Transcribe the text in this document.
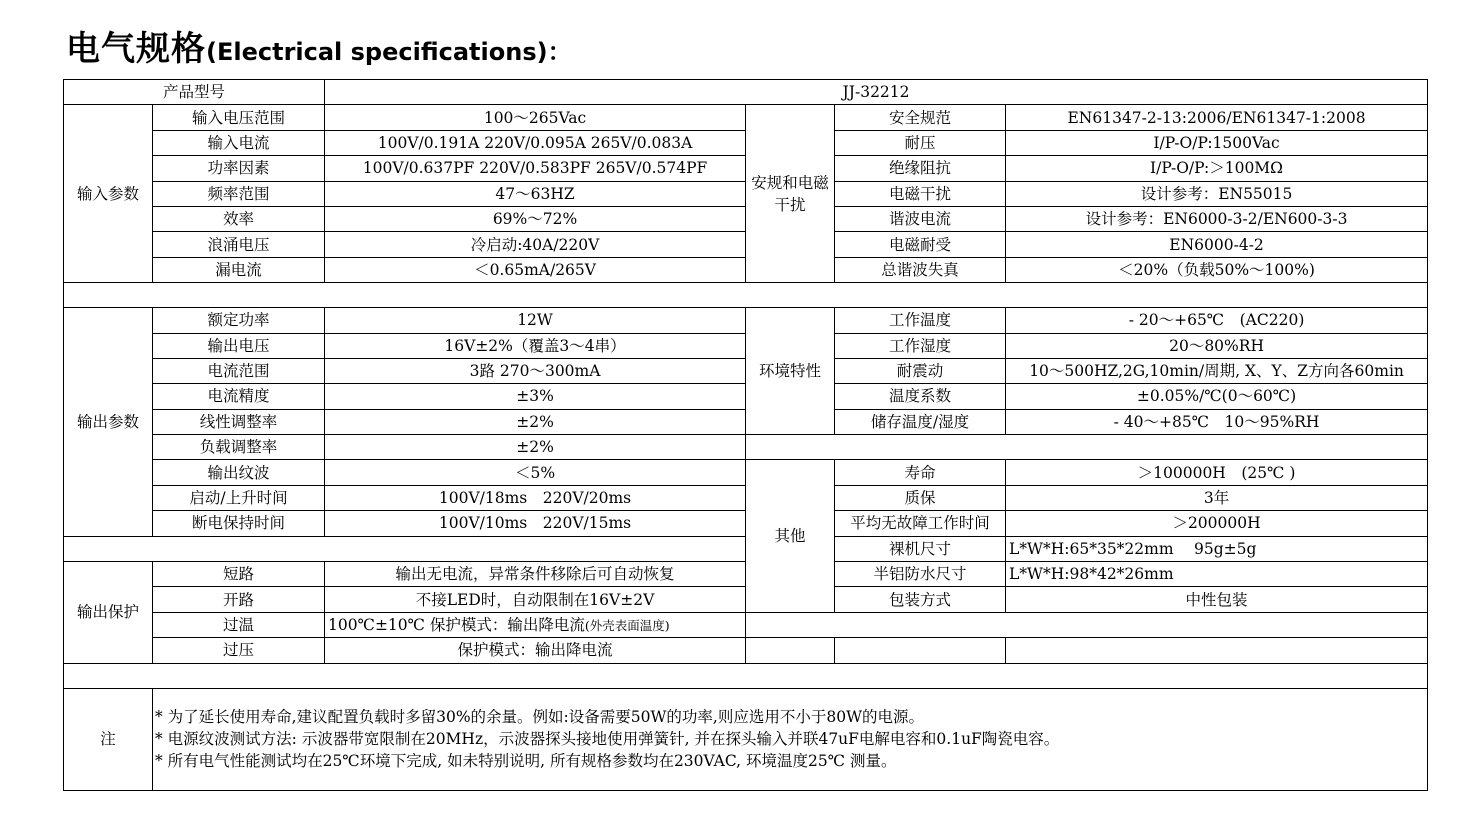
电气规格(Electrical specifications)：
产品型号		JJ-32212			
输入参数	输入电压范围	100～265Vac	安规和电磁干扰	安全规范	EN61347-2-13:2006/EN61347-1:2008
	输入电流	100V/0.191A 220V/0.095A 265V/0.083A		耐压	I/P-O/P:1500Vac
	功率因素	100V/0.637PF 220V/0.583PF 265V/0.574PF		绝缘阻抗	I/P-O/P:＞100MΩ
	频率范围	47～63HZ		电磁干扰	设计参考：EN55015
	效率	69%～72%		谐波电流	设计参考：EN6000-3-2/EN600-3-3
	浪涌电压	冷启动:40A/220V		电磁耐受	EN6000-4-2
	漏电流	＜0.65mA/265V		总谐波失真	＜20%（负载50%～100%)

输出参数	额定功率	12W	环境特性	工作温度	- 20～+65℃　(AC220)
	输出电压	16V±2%（覆盖3～4串）		工作湿度	20～80%RH
	电流范围	3路 270～300mA		耐震动	10～500HZ,2G,10min/周期, X、Y、Z方向各60min
	电流精度	±3%		温度系数	±0.05%/℃(0～60℃)
	线性调整率	±2%		储存温度/湿度	- 40～+85℃　10～95%RH
	负载调整率	±2%			
	输出纹波	＜5%	其他	寿命	＞100000H　(25℃ )
	启动/上升时间	100V/18ms　220V/20ms		质保	3年
	断电保持时间	100V/10ms　220V/15ms		平均无故障工作时间	＞200000H
				裸机尺寸	L*W*H:65*35*22mm　 95g±5g
输出保护	短路	输出无电流，异常条件移除后可自动恢复		半铝防水尺寸	L*W*H:98*42*26mm
	开路	不接LED时，自动限制在16V±2V		包装方式	中性包装
	过温	100℃±10℃ 保护模式：输出降电流(外壳表面温度)			
	过压	保护模式：输出降电流			

注	* 为了延长使用寿命,建议配置负载时多留30%的余量。例如:设备需要50W的功率,则应选用不小于80W的电源。
* 电源纹波测试方法: 示波器带宽限制在20MHz，示波器探头接地使用弹簧针, 并在探头输入并联47uF电解电容和0.1uF陶瓷电容。
* 所有电气性能测试均在25℃环境下完成, 如未特别说明, 所有规格参数均在230VAC, 环境温度25℃ 测量。				
